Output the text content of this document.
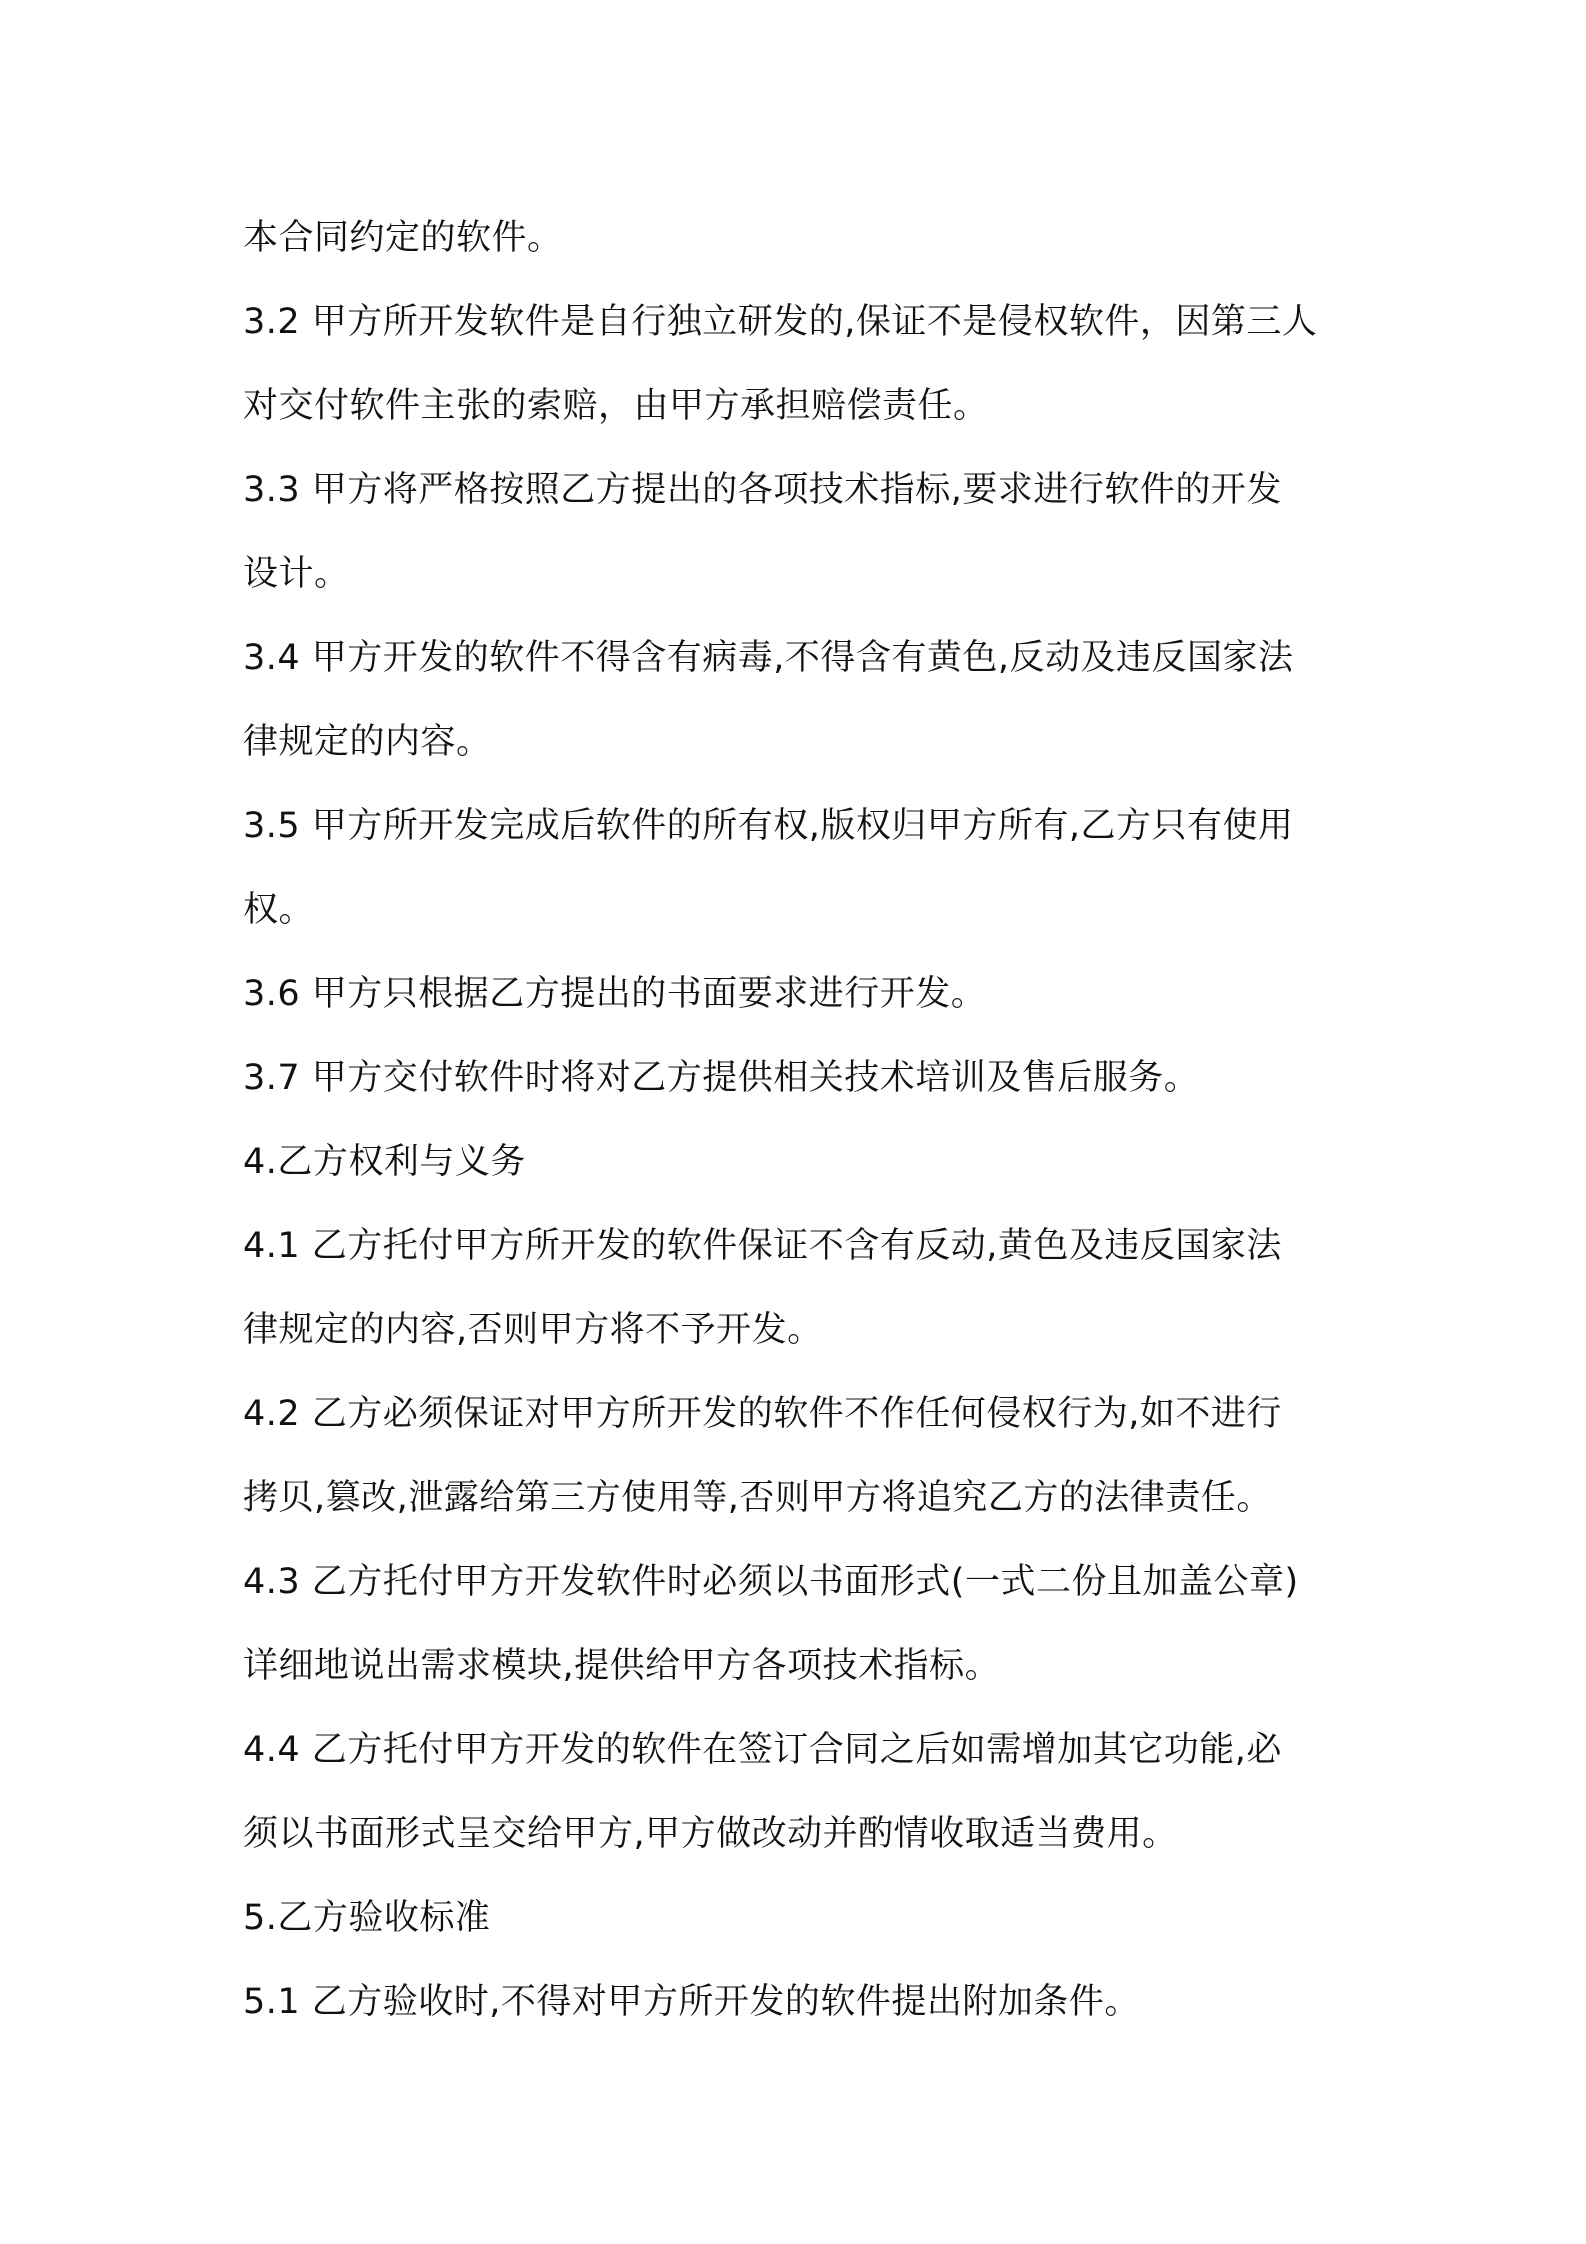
本合同约定的软件。
3.2 甲方所开发软件是自行独立研发的,保证不是侵权软件，因第三人
对交付软件主张的索赔，由甲方承担赔偿责任。
3.3 甲方将严格按照乙方提出的各项技术指标,要求进行软件的开发
设计。
3.4 甲方开发的软件不得含有病毒,不得含有黄色,反动及违反国家法
律规定的内容。
3.5 甲方所开发完成后软件的所有权,版权归甲方所有,乙方只有使用
权。
3.6 甲方只根据乙方提出的书面要求进行开发。
3.7 甲方交付软件时将对乙方提供相关技术培训及售后服务。
4.乙方权利与义务
4.1 乙方托付甲方所开发的软件保证不含有反动,黄色及违反国家法
律规定的内容,否则甲方将不予开发。
4.2 乙方必须保证对甲方所开发的软件不作任何侵权行为,如不进行
拷贝,篡改,泄露给第三方使用等,否则甲方将追究乙方的法律责任。
4.3 乙方托付甲方开发软件时必须以书面形式(一式二份且加盖公章)
详细地说出需求模块,提供给甲方各项技术指标。
4.4 乙方托付甲方开发的软件在签订合同之后如需增加其它功能,必
须以书面形式呈交给甲方,甲方做改动并酌情收取适当费用。
5.乙方验收标准
5.1 乙方验收时,不得对甲方所开发的软件提出附加条件。
